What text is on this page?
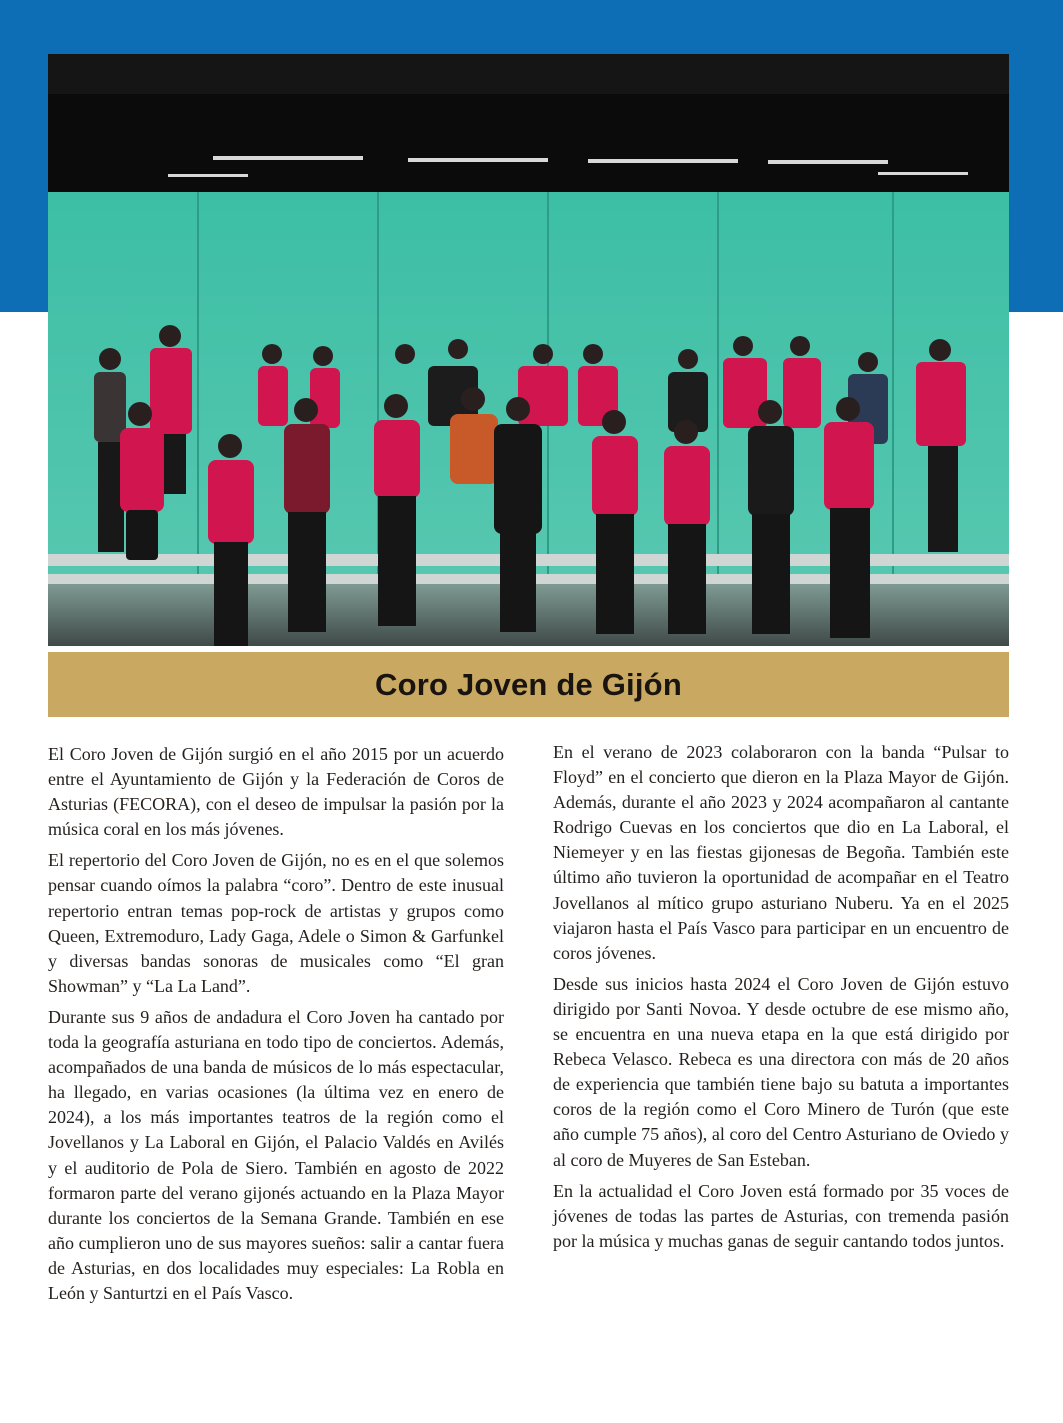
Coro Joven de Gijón

El Coro Joven de Gijón surgió en el año 2015 por un acuerdo entre el Ayuntamiento de Gijón y la Federación de Coros de Asturias (FECORA), con el deseo de impulsar la pasión por la música coral en los más jóvenes.

El repertorio del Coro Joven de Gijón, no es en el que solemos pensar cuando oímos la palabra “coro”. Dentro de este inusual repertorio entran temas pop-rock de artistas y grupos como Queen, Extremoduro, Lady Gaga, Adele o Simon & Garfunkel y diversas bandas sonoras de musicales como “El gran Showman” y “La La Land”.

Durante sus 9 años de andadura el Coro Joven ha cantado por toda la geografía asturiana en todo tipo de conciertos. Además, acompañados de una banda de músicos de lo más espectacular, ha llegado, en varias ocasiones (la última vez en enero de 2024), a los más importantes teatros de la región como el Jovellanos y La Laboral en Gijón, el Palacio Valdés en Avilés y el auditorio de Pola de Siero. También en agosto de 2022 formaron parte del verano gijonés actuando en la Plaza Mayor durante los conciertos de la Semana Grande. También en ese año cumplieron uno de sus mayores sueños: salir a cantar fuera de Asturias, en dos localidades muy especiales: La Robla en León y Santurtzi en el País Vasco.

En el verano de 2023 colaboraron con la banda “Pulsar to Floyd” en el concierto que dieron en la Plaza Mayor de Gijón. Además, durante el año 2023 y 2024 acompañaron al cantante Rodrigo Cuevas en los conciertos que dio en La Laboral, el Niemeyer y en las fiestas gijonesas de Begoña. También este último año tuvieron la oportunidad de acompañar en el Teatro Jovellanos al mítico grupo asturiano Nuberu. Ya en el 2025 viajaron hasta el País Vasco para participar en un encuentro de coros jóvenes.

Desde sus inicios hasta 2024 el Coro Joven de Gijón estuvo dirigido por Santi Novoa. Y desde octubre de ese mismo año, se encuentra en una nueva etapa en la que está dirigido por Rebeca Velasco. Rebeca es una directora con más de 20 años de experiencia que también tiene bajo su batuta a importantes coros de la región como el Coro Minero de Turón (que este año cumple 75 años), al coro del Centro Asturiano de Oviedo y al coro de Muyeres de San Esteban.

En la actualidad el Coro Joven está formado por 35 voces de jóvenes de todas las partes de Asturias, con tremenda pasión por la música y muchas ganas de seguir cantando todos juntos.
